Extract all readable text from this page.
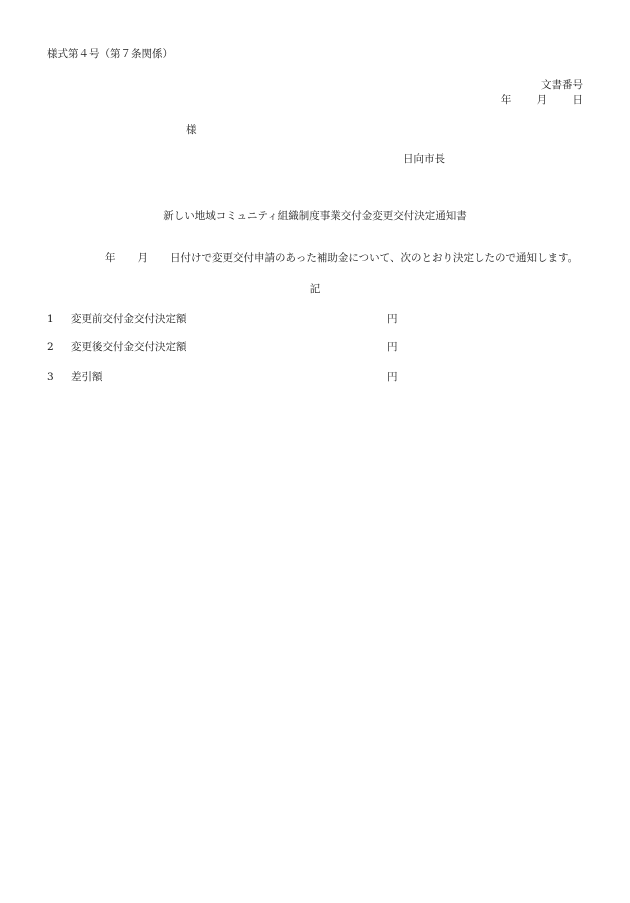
様式第４号（第７条関係）
文書番号
年 月 日
様
日向市長
新しい地域コミュニティ組織制度事業交付金変更交付決定通知書
年 月 日付けで変更交付申請のあった補助金について、次のとおり決定したので通知します。
記
1 変更前交付金交付決定額	円
2 変更後交付金交付決定額	円
3 差引額	円
